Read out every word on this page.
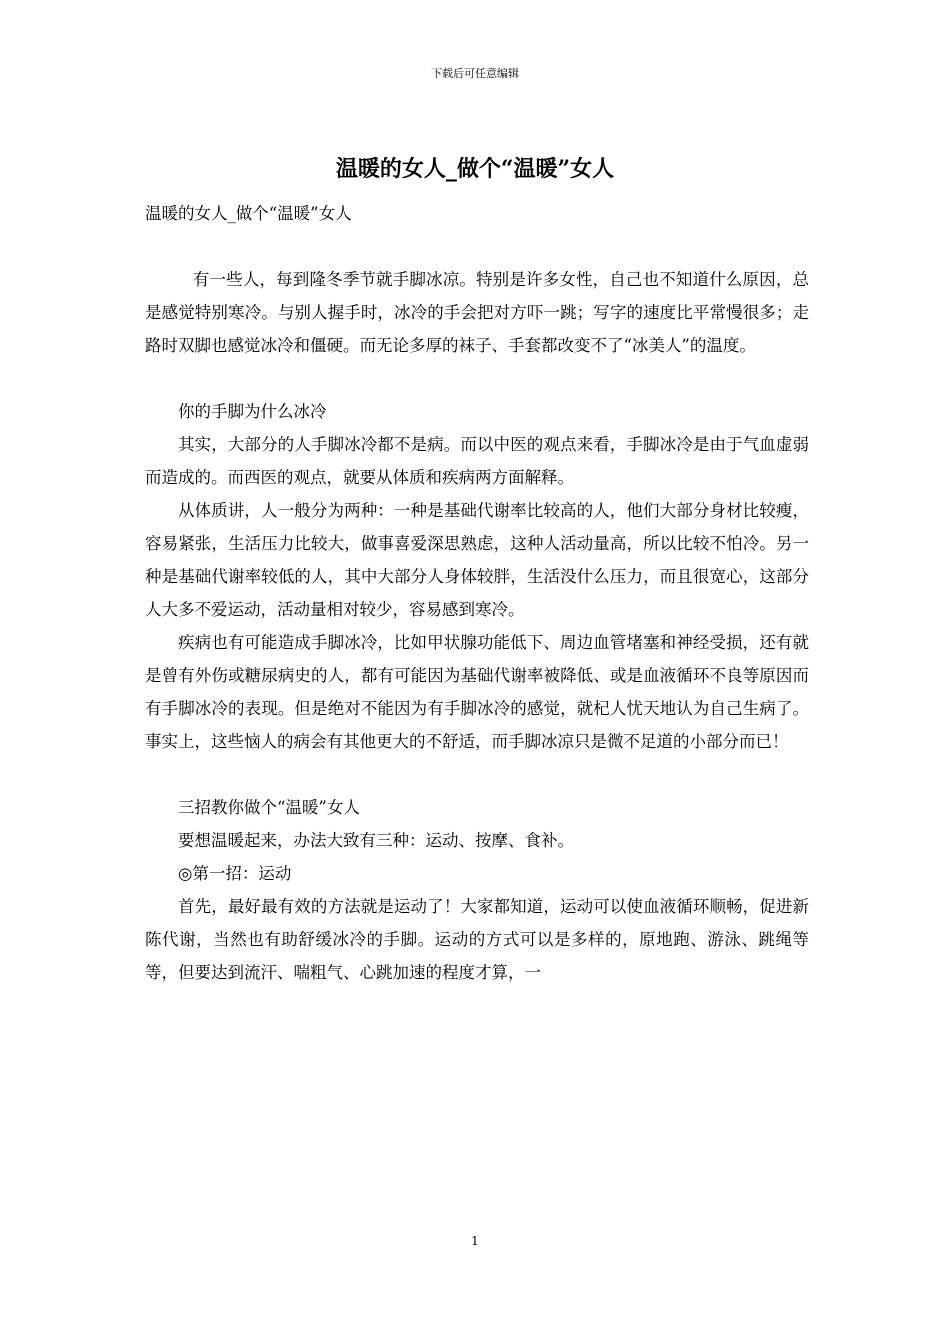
下载后可任意编辑
温暖的女人_做个“温暖”女人

温暖的女人_做个“温暖”女人

有一些人，每到隆冬季节就手脚冰凉。特别是许多女性，自己也不知道什么原因，总是感觉特别寒冷。与别人握手时，冰冷的手会把对方吓一跳；写字的速度比平常慢很多；走路时双脚也感觉冰冷和僵硬。而无论多厚的袜子、手套都改变不了“冰美人”的温度。

你的手脚为什么冰冷

其实，大部分的人手脚冰冷都不是病。而以中医的观点来看，手脚冰冷是由于气血虚弱而造成的。而西医的观点，就要从体质和疾病两方面解释。

从体质讲，人一般分为两种：一种是基础代谢率比较高的人，他们大部分身材比较瘦，容易紧张，生活压力比较大，做事喜爱深思熟虑，这种人活动量高，所以比较不怕冷。另一种是基础代谢率较低的人，其中大部分人身体较胖，生活没什么压力，而且很宽心，这部分人大多不爱运动，活动量相对较少，容易感到寒冷。

疾病也有可能造成手脚冰冷，比如甲状腺功能低下、周边血管堵塞和神经受损，还有就是曾有外伤或糖尿病史的人，都有可能因为基础代谢率被降低、或是血液循环不良等原因而有手脚冰冷的表现。但是绝对不能因为有手脚冰冷的感觉，就杞人忧天地认为自己生病了。事实上，这些恼人的病会有其他更大的不舒适，而手脚冰凉只是微不足道的小部分而已！

三招教你做个“温暖”女人

要想温暖起来，办法大致有三种：运动、按摩、食补。

◎第一招：运动

首先，最好最有效的方法就是运动了！大家都知道，运动可以使血液循环顺畅，促进新陈代谢，当然也有助舒缓冰冷的手脚。运动的方式可以是多样的，原地跑、游泳、跳绳等等，但要达到流汗、喘粗气、心跳加速的程度才算，一

1
